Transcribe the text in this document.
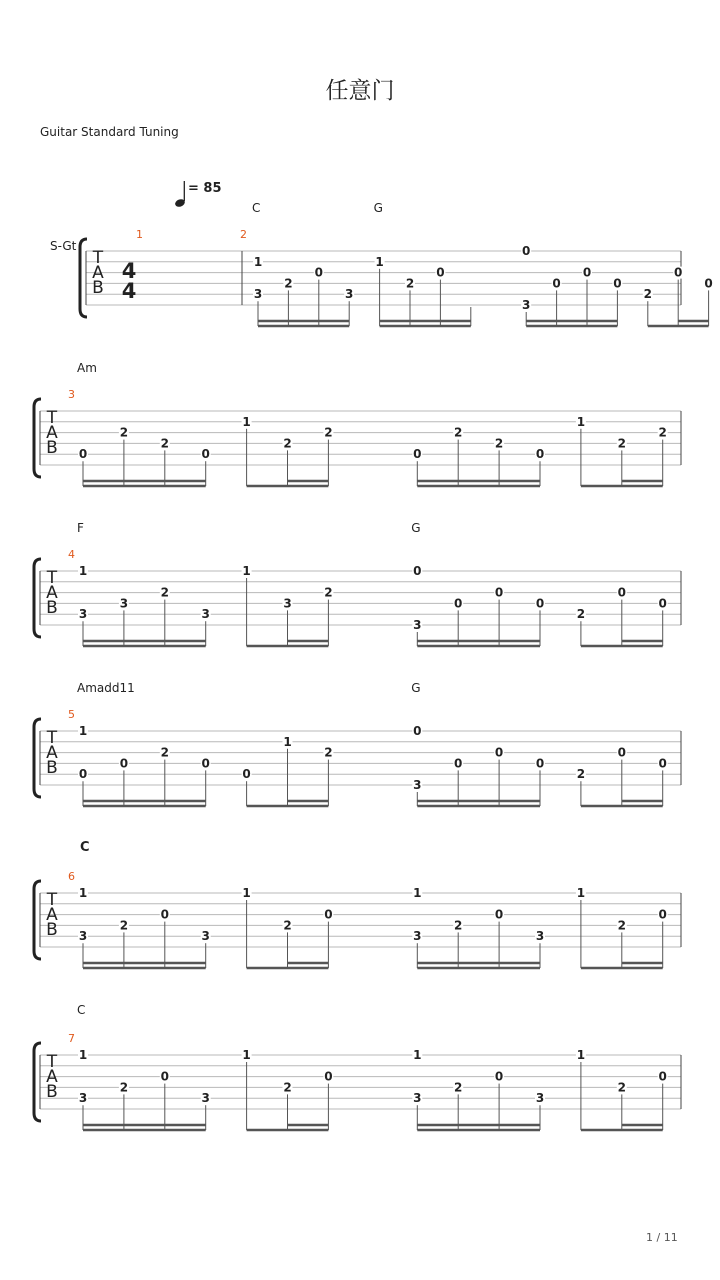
任意门
Guitar Standard Tuning
= 85
1 / 11
T
A
B
S-Gt
4
4
C	G
1	2
1
3
2
0
3
1
2
0
0
3
0
0
0
2
0
0
T
A
B
Am
3
0
2
2
0
1
2
2
0
2
2
0
1
2
2
T
A
B
F	G
4
1
3
3
2
3
1
3
2
0
3
0
0
0
2
0
0
T
A
B
Amadd11	G
5
1
0
0
2
0
0
1
2
0
3
0
0
0
2
0
0
T
A
B
C
6
1
3
2
0
3
1
2
0
1
3
2
0
3
1
2
0
T
A
B
C
7
1
3
2
0
3
1
2
0
1
3
2
0
3
1
2
0
